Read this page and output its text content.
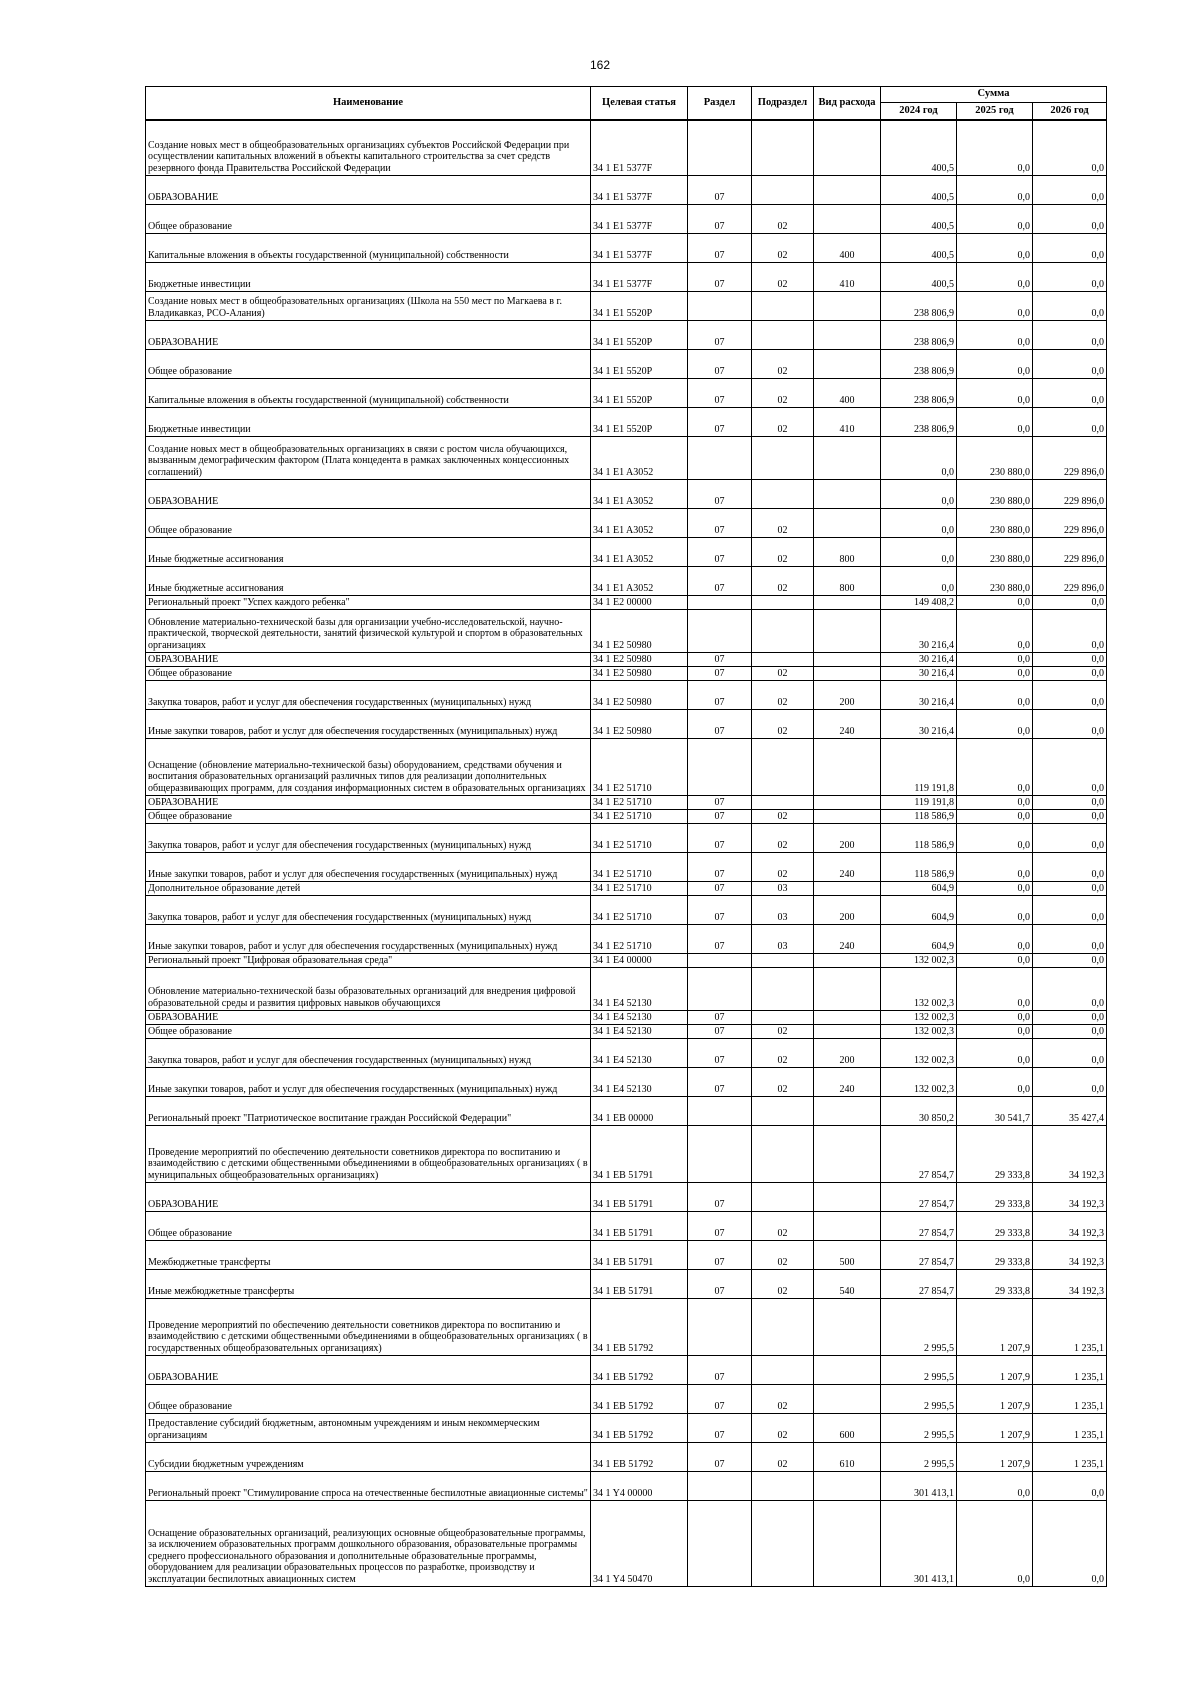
162
Наименование	Целевая статья	Раздел	Подраздел	Вид расхода	Сумма		
					2024 год	2025 год	2026 год
Создание новых мест в общеобразовательных организациях субъектов Российской Федерации при осуществлении капитальных вложений в объекты капитального строительства за счет средств резервного фонда Правительства Российской Федерации	34 1 E1 5377F				400,5	0,0	0,0
ОБРАЗОВАНИЕ	34 1 E1 5377F	07			400,5	0,0	0,0
Общее образование	34 1 E1 5377F	07	02		400,5	0,0	0,0
Капитальные вложения в объекты государственной (муниципальной) собственности	34 1 E1 5377F	07	02	400	400,5	0,0	0,0
Бюджетные инвестиции	34 1 E1 5377F	07	02	410	400,5	0,0	0,0
Создание новых мест в общеобразовательных организациях (Школа на 550 мест по Магкаева в г. Владикавказ, РСО-Алания)	34 1 E1 5520P				238 806,9	0,0	0,0
ОБРАЗОВАНИЕ	34 1 E1 5520P	07			238 806,9	0,0	0,0
Общее образование	34 1 E1 5520P	07	02		238 806,9	0,0	0,0
Капитальные вложения в объекты государственной (муниципальной) собственности	34 1 E1 5520P	07	02	400	238 806,9	0,0	0,0
Бюджетные инвестиции	34 1 E1 5520P	07	02	410	238 806,9	0,0	0,0
Создание новых мест в общеобразовательных организациях в связи с ростом числа обучающихся, вызванным демографическим фактором (Плата концедента в рамках заключенных концессионных соглашений)	34 1 E1 A3052				0,0	230 880,0	229 896,0
ОБРАЗОВАНИЕ	34 1 E1 A3052	07			0,0	230 880,0	229 896,0
Общее образование	34 1 E1 A3052	07	02		0,0	230 880,0	229 896,0
Иные бюджетные ассигнования	34 1 E1 A3052	07	02	800	0,0	230 880,0	229 896,0
Иные бюджетные ассигнования	34 1 E1 A3052	07	02	800	0,0	230 880,0	229 896,0
Региональный проект "Успех каждого ребенка"	34 1 E2 00000				149 408,2	0,0	0,0
Обновление материально-технической базы для организации учебно-исследовательской, научно-практической, творческой деятельности, занятий физической культурой и спортом в образовательных организациях	34 1 E2 50980				30 216,4	0,0	0,0
ОБРАЗОВАНИЕ	34 1 E2 50980	07			30 216,4	0,0	0,0
Общее образование	34 1 E2 50980	07	02		30 216,4	0,0	0,0
Закупка товаров, работ и услуг для обеспечения государственных (муниципальных) нужд	34 1 E2 50980	07	02	200	30 216,4	0,0	0,0
Иные закупки товаров, работ и услуг для обеспечения государственных (муниципальных) нужд	34 1 E2 50980	07	02	240	30 216,4	0,0	0,0
Оснащение (обновление материально-технической базы) оборудованием, средствами обучения и воспитания образовательных организаций различных типов для реализации дополнительных общеразвивающих программ, для создания информационных систем в образовательных организациях	34 1 E2 51710				119 191,8	0,0	0,0
ОБРАЗОВАНИЕ	34 1 E2 51710	07			119 191,8	0,0	0,0
Общее образование	34 1 E2 51710	07	02		118 586,9	0,0	0,0
Закупка товаров, работ и услуг для обеспечения государственных (муниципальных) нужд	34 1 E2 51710	07	02	200	118 586,9	0,0	0,0
Иные закупки товаров, работ и услуг для обеспечения государственных (муниципальных) нужд	34 1 E2 51710	07	02	240	118 586,9	0,0	0,0
Дополнительное образование детей	34 1 E2 51710	07	03		604,9	0,0	0,0
Закупка товаров, работ и услуг для обеспечения государственных (муниципальных) нужд	34 1 E2 51710	07	03	200	604,9	0,0	0,0
Иные закупки товаров, работ и услуг для обеспечения государственных (муниципальных) нужд	34 1 E2 51710	07	03	240	604,9	0,0	0,0
Региональный проект "Цифровая образовательная среда"	34 1 E4 00000				132 002,3	0,0	0,0
Обновление материально-технической базы образовательных организаций для внедрения цифровой образовательной среды и развития цифровых навыков обучающихся	34 1 E4 52130				132 002,3	0,0	0,0
ОБРАЗОВАНИЕ	34 1 E4 52130	07			132 002,3	0,0	0,0
Общее образование	34 1 E4 52130	07	02		132 002,3	0,0	0,0
Закупка товаров, работ и услуг для обеспечения государственных (муниципальных) нужд	34 1 E4 52130	07	02	200	132 002,3	0,0	0,0
Иные закупки товаров, работ и услуг для обеспечения государственных (муниципальных) нужд	34 1 E4 52130	07	02	240	132 002,3	0,0	0,0
Региональный проект "Патриотическое воспитание граждан Российской Федерации"	34 1 EB 00000				30 850,2	30 541,7	35 427,4
Проведение мероприятий по обеспечению деятельности советников директора по воспитанию и взаимодействию с детскими общественными объединениями в общеобразовательных организациях ( в муниципальных общеобразовательных организациях)	34 1 EB 51791				27 854,7	29 333,8	34 192,3
ОБРАЗОВАНИЕ	34 1 EB 51791	07			27 854,7	29 333,8	34 192,3
Общее образование	34 1 EB 51791	07	02		27 854,7	29 333,8	34 192,3
Межбюджетные трансферты	34 1 EB 51791	07	02	500	27 854,7	29 333,8	34 192,3
Иные межбюджетные трансферты	34 1 EB 51791	07	02	540	27 854,7	29 333,8	34 192,3
Проведение мероприятий по обеспечению деятельности советников директора по воспитанию и взаимодействию с детскими общественными объединениями в общеобразовательных организациях ( в государственных общеобразовательных организациях)	34 1 EB 51792				2 995,5	1 207,9	1 235,1
ОБРАЗОВАНИЕ	34 1 EB 51792	07			2 995,5	1 207,9	1 235,1
Общее образование	34 1 EB 51792	07	02		2 995,5	1 207,9	1 235,1
Предоставление субсидий бюджетным, автономным учреждениям и иным некоммерческим организациям	34 1 EB 51792	07	02	600	2 995,5	1 207,9	1 235,1
Субсидии бюджетным учреждениям	34 1 EB 51792	07	02	610	2 995,5	1 207,9	1 235,1
Региональный проект "Стимулирование спроса на отечественные беспилотные авиационные системы"	34 1 Y4 00000				301 413,1	0,0	0,0
Оснащение образовательных организаций, реализующих основные общеобразовательные программы, за исключением образовательных программ дошкольного образования, образовательные программы среднего профессионального образования и дополнительные образовательные программы, оборудованием для реализации образовательных процессов по разработке, производству и эксплуатации беспилотных авиационных систем	34 1 Y4 50470				301 413,1	0,0	0,0
